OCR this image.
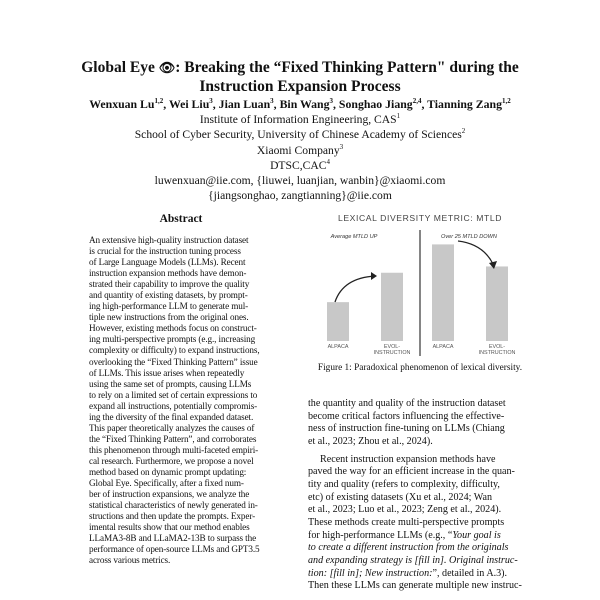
Global Eye 👁: Breaking the “Fixed Thinking Pattern" during the
Instruction Expansion Process
Wenxuan Lu$^{1,2}$, Wei Liu$^3$, Jian Luan$^3$, Bin Wang$^3$, Songhao Jiang$^{2,4}$, Tianning Zang$^{1,2}$
Institute of Information Engineering, CAS$^1$
School of Cyber Security, University of Chinese Academy of Sciences$^2$
Xiaomi Company$^3$
DTSC,CAC$^4$
luwenxuan@iie.com, {liuwei, luanjian, wanbin}@xiaomi.com
{jiangsonghao, zangtianning}@iie.com
Abstract
An extensive high-quality instruction dataset
is crucial for the instruction tuning process
of Large Language Models (LLMs). Recent
instruction expansion methods have demon-
strated their capability to improve the quality
and quantity of existing datasets, by prompt-
ing high-performance LLM to generate mul-
tiple new instructions from the original ones.
However, existing methods focus on construct-
ing multi-perspective prompts (e.g., increasing
complexity or difficulty) to expand instructions,
overlooking the “Fixed Thinking Pattern” issue
of LLMs. This issue arises when repeatedly
using the same set of prompts, causing LLMs
to rely on a limited set of certain expressions to
expand all instructions, potentially compromis-
ing the diversity of the final expanded dataset.
This paper theoretically analyzes the causes of
the “Fixed Thinking Pattern”, and corroborates
this phenomenon through multi-faceted empiri-
cal research. Furthermore, we propose a novel
method based on dynamic prompt updating:
Global Eye. Specifically, after a fixed num-
ber of instruction expansions, we analyze the
statistical characteristics of newly generated in-
structions and then update the prompts. Exper-
imental results show that our method enables
LLaMA3-8B and LLaMA2-13B to surpass the
performance of open-source LLMs and GPT3.5
across various metrics.
LEXICAL DIVERSITY METRIC: MTLD
ALPACA	EVOL-INSTRUCTION
ALPACA	EVOL-INSTRUCTION
Average MTLD UP	Over 25 MTLD DOWN
Figure 1: Paradoxical phenomenon of lexical diversity.
the quantity and quality of the instruction dataset
become critical factors influencing the effective-
ness of instruction fine-tuning on LLMs (Chiang
et al., 2023; Zhou et al., 2024).
Recent instruction expansion methods have
paved the way for an efficient increase in the quan-
tity and quality (refers to complexity, difficulty,
etc) of existing datasets (Xu et al., 2024; Wan
et al., 2023; Luo et al., 2023; Zeng et al., 2024).
These methods create multi-perspective prompts
for high-performance LLMs (e.g., “Your goal is
to create a different instruction from the originals
and expanding strategy is [fill in]. Original instruc-
tion: [fill in]; New instruction:”, detailed in A.3).
Then these LLMs can generate multiple new instruc-
